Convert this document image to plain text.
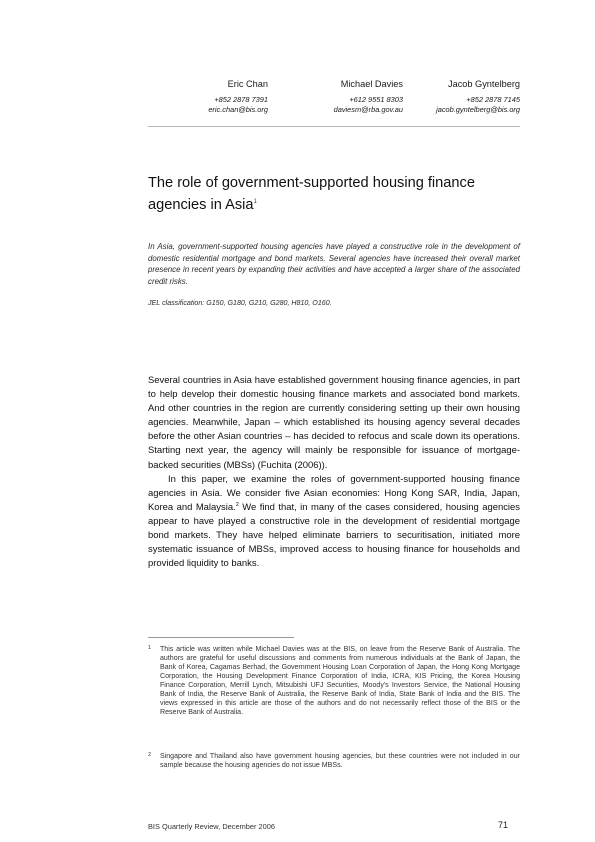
Eric Chan
+852 2878 7391
eric.chan@bis.org
Michael Davies
+612 9551 8303
daviesm@rba.gov.au
Jacob Gyntelberg
+852 2878 7145
jacob.gyntelberg@bis.org
The role of government-supported housing finance
agencies in Asia$^1$
In Asia, government-supported housing agencies have played a constructive role in the development of domestic residential mortgage and bond markets. Several agencies have increased their overall market presence in recent years by expanding their activities and have accepted a larger share of the associated credit risks.
JEL classification: G150, G180, G210, G280, H810, O160.

Several countries in Asia have established government housing finance agencies, in part to help develop their domestic housing finance markets and associated bond markets. And other countries in the region are currently considering setting up their own housing agencies. Meanwhile, Japan – which established its housing agency several decades before the other Asian countries – has decided to refocus and scale down its operations. Starting next year, the agency will mainly be responsible for issuance of mortgage-backed securities (MBSs) (Fuchita (2006)).

In this paper, we examine the roles of government-supported housing finance agencies in Asia. We consider five Asian economies: Hong Kong SAR, India, Japan, Korea and Malaysia.$^2$ We find that, in many of the cases considered, housing agencies appear to have played a constructive role in the development of residential mortgage bond markets. They have helped eliminate barriers to securitisation, initiated more systematic issuance of MBSs, improved access to housing finance for households and provided liquidity to banks.

1 This article was written while Michael Davies was at the BIS, on leave from the Reserve Bank of Australia. The authors are grateful for useful discussions and comments from numerous individuals at the Bank of Japan, the Bank of Korea, Cagamas Berhad, the Government Housing Loan Corporation of Japan, the Hong Kong Mortgage Corporation, the Housing Development Finance Corporation of India, ICRA, KIS Pricing, the Korea Housing Finance Corporation, Merrill Lynch, Mitsubishi UFJ Securities, Moody's Investors Service, the National Housing Bank of India, the Reserve Bank of Australia, the Reserve Bank of India, State Bank of India and the BIS. The views expressed in this article are those of the authors and do not necessarily reflect those of the BIS or the Reserve Bank of Australia.
2 Singapore and Thailand also have government housing agencies, but these countries were not included in our sample because the housing agencies do not issue MBSs.
BIS Quarterly Review, December 2006	71
